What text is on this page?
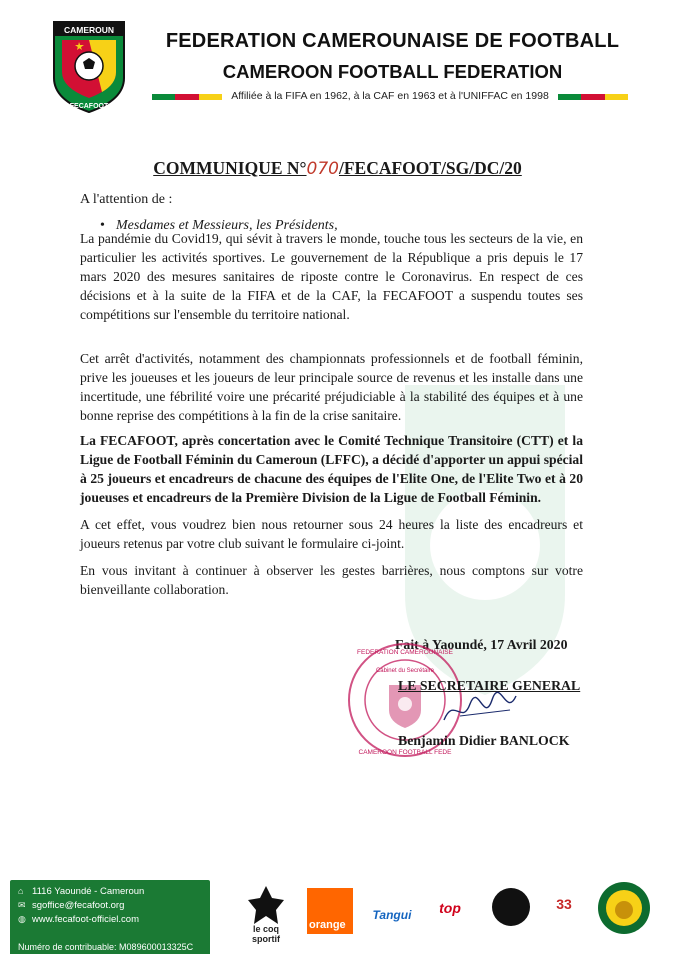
CAMEROUN
FECAFOOT
FEDERATION CAMEROUNAISE DE FOOTBALL
CAMEROON FOOTBALL FEDERATION
Affiliée à la FIFA en 1962, à la CAF en 1963 et à l'UNIFFAC en 1998
COMMUNIQUE N°070/FECAFOOT/SG/DC/20
A l'attention de :
• Mesdames et Messieurs, les Présidents,

La pandémie du Covid19, qui sévit à travers le monde, touche tous les secteurs de la vie, en particulier les activités sportives. Le gouvernement de la République a pris depuis le 17 mars 2020 des mesures sanitaires de riposte contre le Coronavirus. En respect de ces décisions et à la suite de la FIFA et de la CAF, la FECAFOOT a suspendu toutes ses compétitions sur l'ensemble du territoire national.

Cet arrêt d'activités, notamment des championnats professionnels et de football féminin, prive les joueuses et les joueurs de leur principale source de revenus et les installe dans une incertitude, une fébrilité voire une précarité préjudiciable à la stabilité des équipes et à une bonne reprise des compétitions à la fin de la crise sanitaire.

La FECAFOOT, après concertation avec le Comité Technique Transitoire (CTT) et la Ligue de Football Féminin du Cameroun (LFFC), a décidé d'apporter un appui spécial à 25 joueurs et encadreurs de chacune des équipes de l'Elite One, de l'Elite Two et à 20 joueuses et encadreurs de la Première Division de la Ligue de Football Féminin.

A cet effet, vous voudrez bien nous retourner sous 24 heures la liste des encadreurs et joueurs retenus par votre club suivant le formulaire ci-joint.

En vous invitant à continuer à observer les gestes barrières, nous comptons sur votre bienveillante collaboration.

Fait à Yaoundé, 17 Avril 2020
FEDERATION CAMEROUNAISE
CAMEROON FOOTBALL FEDE
Cabinet du Secrétaire
LE SECRETAIRE GENERAL
Benjamin Didier BANLOCK
⌂ 1116 Yaoundé - Cameroun
✉ sgoffice@fecafoot.org
◍ www.fecafoot-officiel.com
Numéro de contribuable: M089600013325C
le coq sportif
orange
Tangui	top	33
